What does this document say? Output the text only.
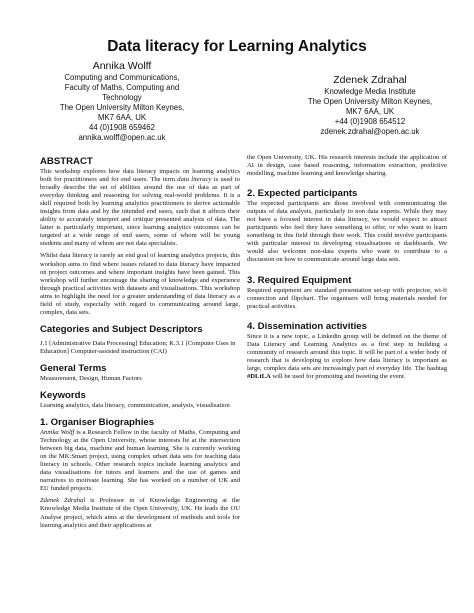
Data literacy for Learning Analytics
Annika Wolff
Computing and Communications,
Faculty of Maths, Computing and
Technology
The Open University Milton Keynes,
MK7 6AA, UK
44 (0)1908 659462
annika.wolff@open.ac.uk
Zdenek Zdrahal
Knowledge Media Institute
The Open University Milton Keynes,
MK7 6AA, UK
+44 (0)1908 654512
zdenek.zdrahal@open.ac.uk
ABSTRACT

This workshop explores how data literacy impacts on learning analytics both for practitioners and for end users. The term data literacy is used to broadly describe the set of abilities around the use of data as part of everyday thinking and reasoning for solving real-world problems. It is a skill required both by learning analytics practitioners to derive actionable insights from data and by the intended end users, such that it affects their ability to accurately interpret and critique presented analysis of data. The latter is particularly important, since learning analytics outcomes can be targeted at a wide range of end users, some of whom will be young students and many of whom are not data specialists.

Whilst data literacy is rarely an end goal of learning analytics projects, this workshop aims to find where issues related to data literacy have impacted on project outcomes and where important insights have been gained. This workshop will further encourage the sharing of knowledge and experience through practical activities with datasets and visualisations. This workshop aims to highlight the need for a greater understanding of data literacy as a field of study, especially with regard to communicating around large, complex, data sets.

Categories and Subject Descriptors

J.1 [Administrative Data Processing] Education; K.3.1 [Computer Uses in Education] Computer-assisted instruction (CAI)

General Terms

Measurement, Design, Human Factors

Keywords

Learning analytics, data literacy, communication, analysis, visualisation

1. Organiser Biographies

Annika Wolff is a Research Fellow in the faculty of Maths, Computing and Technology at the Open University, whose interests lie at the intersection between big data, machine and human learning. She is currently working on the MK:Smart project, using complex urban data sets for teaching data literacy in schools. Other research topics include learning analytics and data visualisations for tutors and learners and the use of games and narratives to motivate learning. She has worked on a number of UK and EU funded projects.

Zdenek Zdrahal is Professor in of Knowledge Engineering at the Knowledge Media Institute of the Open University, UK. He leads the OU Analyse project, which aims at the development of methods and tools for learning analytics and their applications at

the Open University, UK. His research interests include the application of AI in design, case based reasoning, information extraction, predictive modelling, machine learning and knowledge sharing.

2. Expected participants

The expected participants are those involved with communicating the outputs of data analysis, particularly to non data experts. While they may not have a focused interest in data literacy, we would expect to attract participants who feel they have something to offer, or who want to learn something in this field through their work. This could involve participants with particular interest in developing visualisations or dashboards. We would also welcome non-data experts who want to contribute to a discussion on how to communicate around large data sets.

3. Required Equipment

Required equipment are standard presentation set-up with projector, wi-fi connection and flipchart. The organisers will bring materials needed for practical activities.

4. Dissemination activities

Since it is a new topic, a Linkedin group will be defined on the theme of Data Literacy and Learning Analytics as a first step in building a community of research around this topic. It will be part of a wider body of research that is developing to explore how data literacy is important as large, complex data sets are increasingly part of everyday life. The hashtag #DLtLA will be used for promoting and tweeting the event.
